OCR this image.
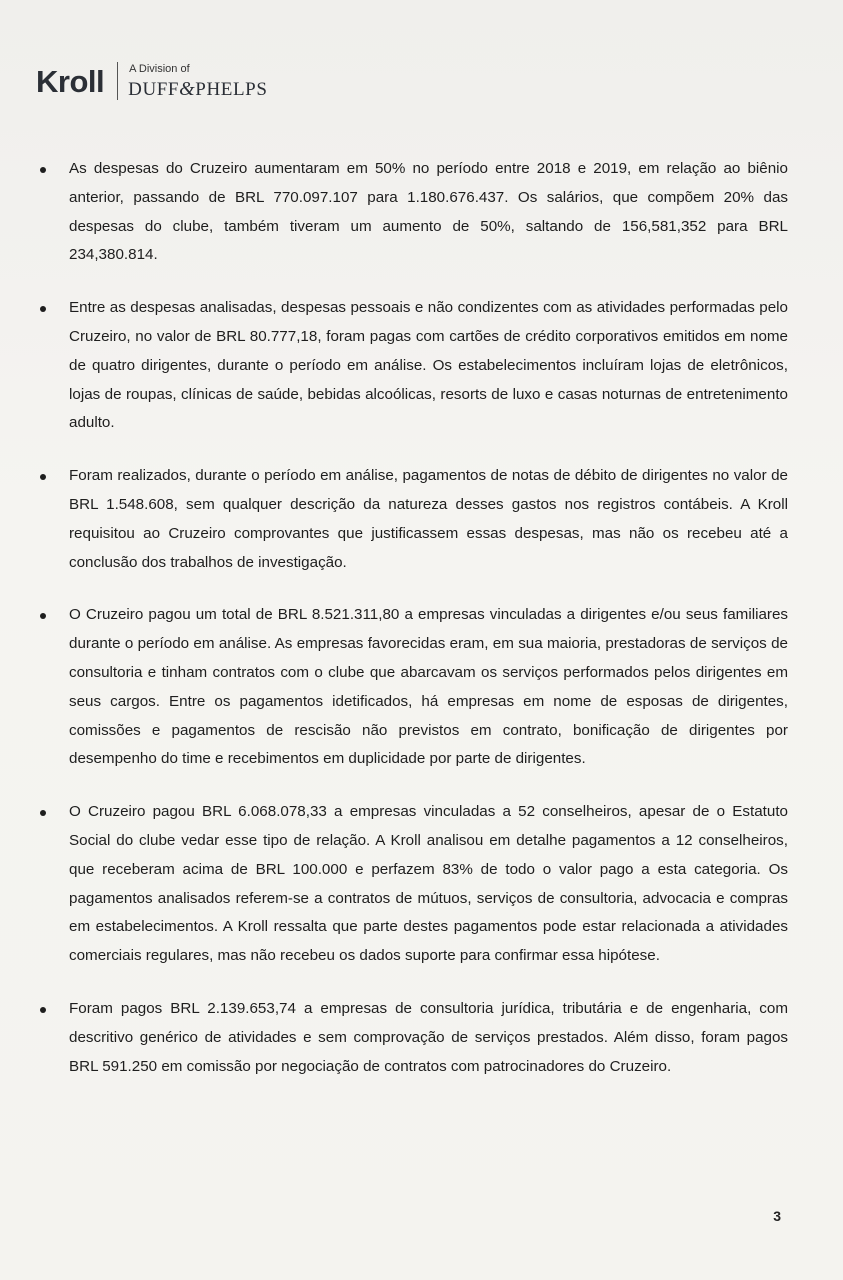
Kroll A Division of
DUFF&PHELPS
As despesas do Cruzeiro aumentaram em 50% no período entre 2018 e 2019, em relação ao biênio anterior, passando de BRL 770.097.107 para 1.180.676.437. Os salários, que compõem 20% das despesas do clube, também tiveram um aumento de 50%, saltando de 156,581,352 para BRL 234,380.814.
Entre as despesas analisadas, despesas pessoais e não condizentes com as atividades performadas pelo Cruzeiro, no valor de BRL 80.777,18, foram pagas com cartões de crédito corporativos emitidos em nome de quatro dirigentes, durante o período em análise. Os estabelecimentos incluíram lojas de eletrônicos, lojas de roupas, clínicas de saúde, bebidas alcoólicas, resorts de luxo e casas noturnas de entretenimento adulto.
Foram realizados, durante o período em análise, pagamentos de notas de débito de dirigentes no valor de BRL 1.548.608, sem qualquer descrição da natureza desses gastos nos registros contábeis. A Kroll requisitou ao Cruzeiro comprovantes que justificassem essas despesas, mas não os recebeu até a conclusão dos trabalhos de investigação.
O Cruzeiro pagou um total de BRL 8.521.311,80 a empresas vinculadas a dirigentes e/ou seus familiares durante o período em análise. As empresas favorecidas eram, em sua maioria, prestadoras de serviços de consultoria e tinham contratos com o clube que abarcavam os serviços performados pelos dirigentes em seus cargos. Entre os pagamentos idetificados, há empresas em nome de esposas de dirigentes, comissões e pagamentos de rescisão não previstos em contrato, bonificação de dirigentes por desempenho do time e recebimentos em duplicidade por parte de dirigentes.
O Cruzeiro pagou BRL 6.068.078,33 a empresas vinculadas a 52 conselheiros, apesar de o Estatuto Social do clube vedar esse tipo de relação. A Kroll analisou em detalhe pagamentos a 12 conselheiros, que receberam acima de BRL 100.000 e perfazem 83% de todo o valor pago a esta categoria. Os pagamentos analisados referem-se a contratos de mútuos, serviços de consultoria, advocacia e compras em estabelecimentos. A Kroll ressalta que parte destes pagamentos pode estar relacionada a atividades comerciais regulares, mas não recebeu os dados suporte para confirmar essa hipótese.
Foram pagos BRL 2.139.653,74 a empresas de consultoria jurídica, tributária e de engenharia, com descritivo genérico de atividades e sem comprovação de serviços prestados. Além disso, foram pagos BRL 591.250 em comissão por negociação de contratos com patrocinadores do Cruzeiro.
3
